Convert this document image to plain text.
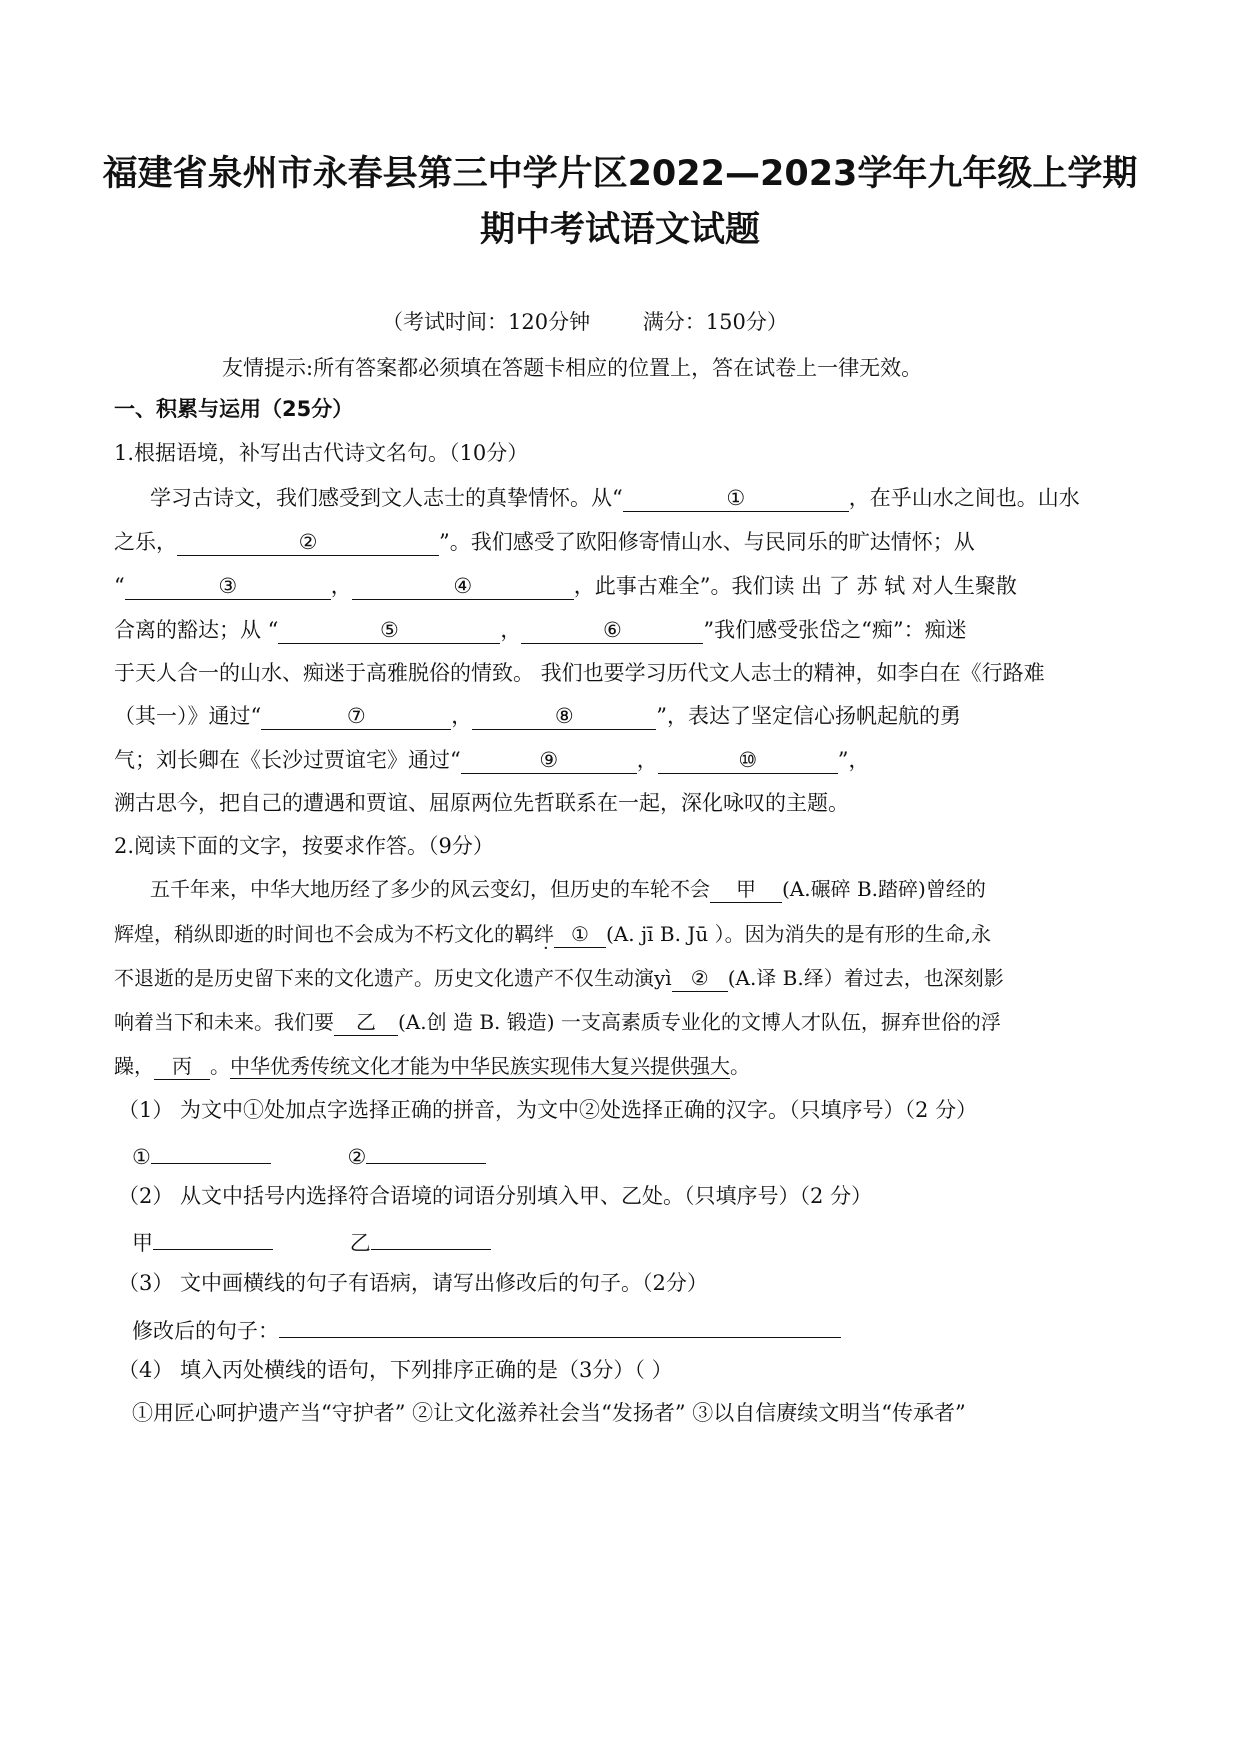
福建省泉州市永春县第三中学片区2022—2023学年九年级上学期
期中考试语文试题
（考试时间：120分钟	满分：150分）
友情提示:所有答案都必须填在答题卡相应的位置上，答在试卷上一律无效。
一、积累与运用（25分）
1.根据语境，补写出古代诗文名句。（10分）
学习古诗文，我们感受到文人志士的真挚情怀。从“	①	，在乎山水之间也。山水
之乐，	②	”。我们感受了欧阳修寄情山水、与民同乐的旷达情怀；从
“	③	，	④	，此事古难全”。我们读 出 了 苏 轼 对人生聚散
合离的豁达；从 “	⑤	，	⑥	”我们感受张岱之“痴”：痴迷
于天人合一的山水、痴迷于高雅脱俗的情致。 我们也要学习历代文人志士的精神，如李白在《行路难
（其一）》通过“	⑦	，	⑧	”，表达了坚定信心扬帆起航的勇
气；刘长卿在《长沙过贾谊宅》通过“	⑨	，	⑩	”，
溯古思今，把自己的遭遇和贾谊、屈原两位先哲联系在一起，深化咏叹的主题。
2.阅读下面的文字，按要求作答。（9分）
五千年来，中华大地历经了多少的风云变幻，但历史的车轮不会 甲 (A.碾碎 B.踏碎)曾经的
辉煌，稍纵即逝的时间也不会成为不朽文化的羁绊 ① (A. jī B. Jū ）。因为消失的是有形的生命,永
不退逝的是历史留下来的文化遗产。历史文化遗产不仅生动演yì ② (A.译 B.绎）着过去，也深刻影
响着当下和未来。我们要 乙 (A.创 造 B. 锻造) 一支高素质专业化的文博人才队伍，摒弃世俗的浮
躁， 丙 。中华优秀传统文化才能为中华民族实现伟大复兴提供强大。
（1） 为文中①处加点字选择正确的拼音，为文中②处选择正确的汉字。（只填序号）（2 分）
①	②
（2） 从文中括号内选择符合语境的词语分别填入甲、乙处。（只填序号）（2 分）
甲	乙
（3） 文中画横线的句子有语病，请写出修改后的句子。（2分）
修改后的句子：
（4） 填入丙处横线的语句，下列排序正确的是（3分）（ ）
①用匠心呵护遗产当“守护者” ②让文化滋养社会当“发扬者” ③以自信赓续文明当“传承者”
